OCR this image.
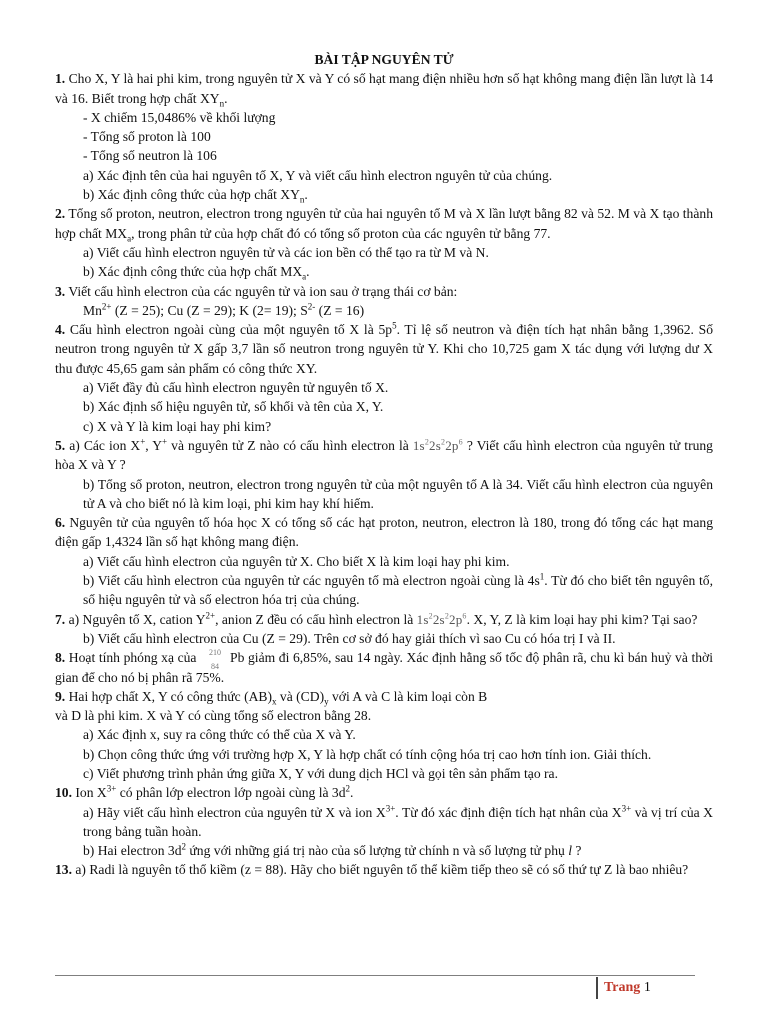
BÀI TẬP NGUYÊN TỬ

1. Cho X, Y là hai phi kim, trong nguyên tử X và Y có số hạt mang điện nhiều hơn số hạt không mang điện lần lượt là 14 và 16. Biết trong hợp chất $XY_n$.

- X chiếm 15,0486% về khối lượng

- Tổng số proton là 100

- Tổng số neutron là 106

a) Xác định tên của hai nguyên tố X, Y và viết cấu hình electron nguyên tử của chúng.

b) Xác định công thức của hợp chất $XY_n$.

2. Tổng số proton, neutron, electron trong nguyên tử của hai nguyên tố M và X lần lượt bằng 82 và 52. M và X tạo thành hợp chất $MX_a$, trong phân tử của hợp chất đó có tổng số proton của các nguyên tử bằng 77.

a) Viết cấu hình electron nguyên tử và các ion bền có thể tạo ra từ M và N.

b) Xác định công thức của hợp chất $MX_a$.

3. Viết cấu hình electron của các nguyên tử và ion sau ở trạng thái cơ bản:

$Mn^{2+}$ (Z = 25); Cu (Z = 29); K (2= 19); $S^{2-}$ (Z = 16)

4. Cấu hình electron ngoài cùng của một nguyên tố X là $5p^5$. Tỉ lệ số neutron và điện tích hạt nhân bằng 1,3962. Số neutron trong nguyên tử X gấp 3,7 lần số neutron trong nguyên tử Y. Khi cho 10,725 gam X tác dụng với lượng dư X thu được 45,65 gam sản phẩm có công thức XY.

a) Viết đầy đủ cấu hình electron nguyên tử nguyên tố X.

b) Xác định số hiệu nguyên tử, số khối và tên của X, Y.

c) X và Y là kim loại hay phi kim?

5. a) Các ion X+, Y+ và nguyên tử Z nào có cấu hình electron là $1s^22s^22p^6$ ? Viết cấu hình electron của nguyên tử trung hòa X và Y ?

b) Tổng số proton, neutron, electron trong nguyên tử của một nguyên tố A là 34. Viết cấu hình electron của nguyên tử A và cho biết nó là kim loại, phi kim hay khí hiếm.

6. Nguyên tử của nguyên tố hóa học X có tổng số các hạt proton, neutron, electron là 180, trong đó tổng các hạt mang điện gấp 1,4324 lần số hạt không mang điện.

a) Viết cấu hình electron của nguyên tử X. Cho biết X là kim loại hay phi kim.

b) Viết cấu hình electron của nguyên tử các nguyên tố mà electron ngoài cùng là $4s^1$. Từ đó cho biết tên nguyên tố, số hiệu nguyên tử và số electron hóa trị của chúng.

7. a) Nguyên tố X, cation $Y^{2+}$, anion Z đều có cấu hình electron là $1s^22s^22p^6$. X, Y, Z là kim loại hay phi kim? Tại sao?

b) Viết cấu hình electron của Cu (Z = 29). Trên cơ sở đó hay giải thích vì sao Cu có hóa trị I và II.

8. Hoạt tính phóng xạ của 210
84
Pb giảm đi 6,85%, sau 14 ngày. Xác định hằng số tốc độ phân rã, chu kì bán huỷ và thời gian để cho nó bị phân rã 75%.

9. Hai hợp chất X, Y có công thức $(AB)_x$ và $(CD)_y$ với A và C là kim loại còn B

và D là phi kim. X và Y có cùng tổng số electron bằng 28.

a) Xác định x, suy ra công thức có thể của X và Y.

b) Chọn công thức ứng với trường hợp X, Y là hợp chất có tính cộng hóa trị cao hơn tính ion. Giải thích.

c) Viết phương trình phản ứng giữa X, Y với dung dịch HCl và gọi tên sản phẩm tạo ra.

10. Ion $X^{3+}$ có phân lớp electron lớp ngoài cùng là $3d^2$.

a) Hãy viết cấu hình electron của nguyên tử X và ion $X^{3+}$. Từ đó xác định điện tích hạt nhân của $X^{3+}$ và vị trí của X trong bảng tuần hoàn.

b) Hai electron $3d^2$ ứng với những giá trị nào của số lượng tử chính n và số lượng tử phụ l ?

13. a) Radi là nguyên tố thổ kiềm (z = 88). Hãy cho biết nguyên tố thể kiềm tiếp theo sẽ có số thứ tự Z là bao nhiêu?

Trang 1
